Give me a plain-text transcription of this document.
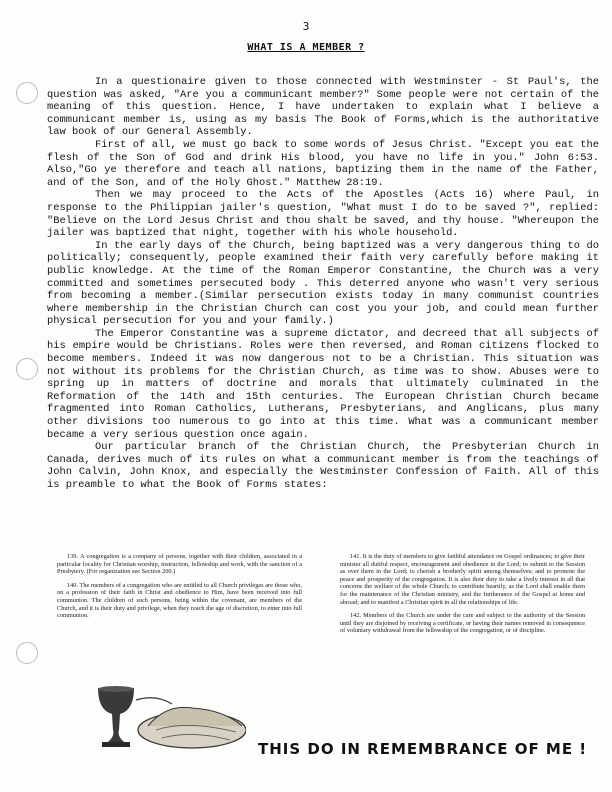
3
WHAT IS A MEMBER ?

In a questionaire given to those connected with Westminster - St Paul's, the question was asked, "Are you a communicant member?" Some people were not certain of the meaning of this question. Hence, I have undertaken to explain what I believe a communicant member is, using as my basis The Book of Forms,which is the authoritative law book of our General Assembly.

First of all, we must go back to some words of Jesus Christ. "Except you eat the flesh of the Son of God and drink His blood, you have no life in you." John 6:53. Also,"Go ye therefore and teach all nations, baptizing them in the name of the Father, and of the Son, and of the Holy Ghost." Matthew 28:19.

Then we may proceed to the Acts of the Apostles (Acts 16) where Paul, in response to the Philippian jailer's question, "What must I do to be saved ?", replied: "Believe on the Lord Jesus Christ and thou shalt be saved, and thy house. "Whereupon the jailer was baptized that night, together with his whole household.

In the early days of the Church, being baptized was a very dangerous thing to do politically; consequently, people examined their faith very carefully before making it public knowledge. At the time of the Roman Emperor Constantine, the Church was a very committed and sometimes persecuted body . This deterred anyone who wasn't very serious from becoming a member.(Similar persecution exists today in many communist countries where membership in the Christian Church can cost you your job, and could mean further physical persecution for you and your family.)

The Emperor Constantine was a supreme dictator, and decreed that all subjects of his empire would be Christians. Roles were then reversed, and Roman citizens flocked to become members. Indeed it was now dangerous not to be a Christian. This situation was not without its problems for the Christian Church, as time was to show. Abuses were to spring up in matters of doctrine and morals that ultimately culminated in the Reformation of the 14th and 15th centuries. The European Christian Church became fragmented into Roman Catholics, Lutherans, Presbyterians, and Anglicans, plus many other divisions too numerous to go into at this time. What was a communicant member became a very serious question once again.

Our particular branch of the Christian Church, the Presbyterian Church in Canada, derives much of its rules on what a communicant member is from the teachings of John Calvin, John Knox, and especially the Westminster Confession of Faith. All of this is preamble to what the Book of Forms states:

139. A congregation is a company of persons, together with their children, associated in a particular locality for Christian worship, instruction, fellowship and work, with the sanction of a Presbytery. (For organization see Section 200.)

140. The members of a congregation who are entitled to all Church privileges are those who, on a profession of their faith in Christ and obedience to Him, have been received into full communion. The children of such persons, being within the covenant, are members of the Church, and it is their duty and privilege, when they reach the age of discretion, to enter into full communion.

141. It is the duty of members to give faithful attendance on Gospel ordinances; to give their minister all dutiful respect, encouragement and obedience in the Lord; to submit to the Session as over them in the Lord; to cherish a brotherly spirit among themselves; and to promote the peace and prosperity of the congregation. It is also their duty to take a lively interest in all that concerns the welfare of the whole Church; to contribute heartily, as the Lord shall enable them for the maintenance of the Christian ministry, and the furtherance of the Gospel at home and abroad; and to manifest a Christian spirit in all the relationships of life.

142. Members of the Church are under the care and subject to the authority of the Session until they are disjoined by receiving a certificate, or having their names removed in consequence of voluntary withdrawal from the fellowship of the congregation, or of discipline.

THIS DO IN REMEMBRANCE OF ME !
